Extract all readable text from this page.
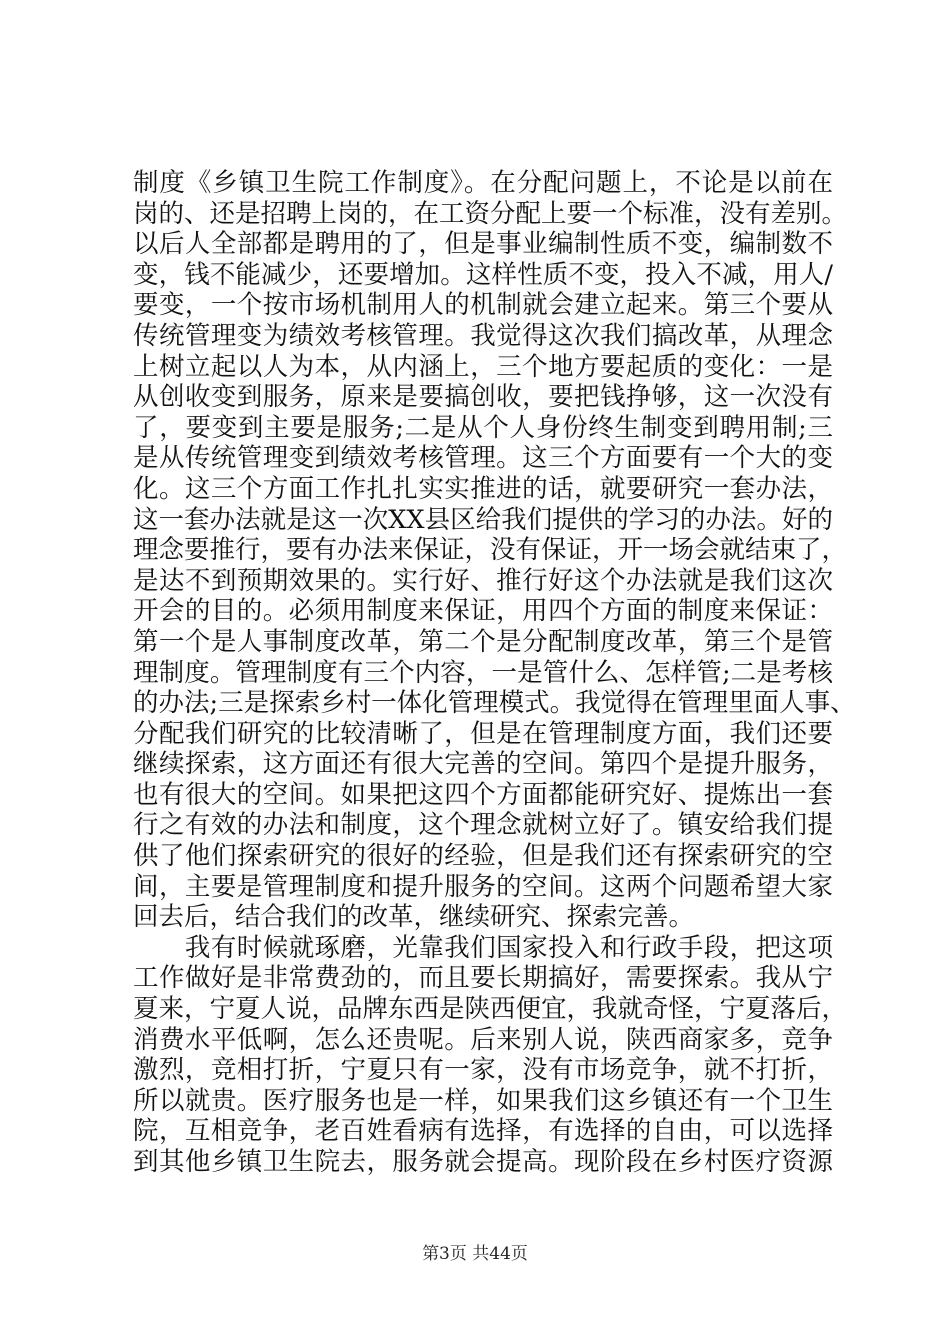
制度《乡镇卫生院工作制度》。在分配问题上，不论是以前在
岗的、还是招聘上岗的，在工资分配上要一个标准，没有差别。
以后人全部都是聘用的了，但是事业编制性质不变，编制数不
变，钱不能减少，还要增加。这样性质不变，投入不减，用人/
要变，一个按市场机制用人的机制就会建立起来。第三个要从
传统管理变为绩效考核管理。我觉得这次我们搞改革，从理念
上树立起以人为本，从内涵上，三个地方要起质的变化：一是
从创收变到服务，原来是要搞创收，要把钱挣够，这一次没有
了，要变到主要是服务;二是从个人身份终生制变到聘用制;三
是从传统管理变到绩效考核管理。这三个方面要有一个大的变
化。这三个方面工作扎扎实实推进的话，就要研究一套办法，
这一套办法就是这一次XX县区给我们提供的学习的办法。好的
理念要推行，要有办法来保证，没有保证，开一场会就结束了，
是达不到预期效果的。实行好、推行好这个办法就是我们这次
开会的目的。必须用制度来保证，用四个方面的制度来保证：
第一个是人事制度改革，第二个是分配制度改革，第三个是管
理制度。管理制度有三个内容，一是管什么、怎样管;二是考核
的办法;三是探索乡村一体化管理模式。我觉得在管理里面人事、
分配我们研究的比较清晰了，但是在管理制度方面，我们还要
继续探索，这方面还有很大完善的空间。第四个是提升服务，
也有很大的空间。如果把这四个方面都能研究好、提炼出一套
行之有效的办法和制度，这个理念就树立好了。镇安给我们提
供了他们探索研究的很好的经验，但是我们还有探索研究的空
间，主要是管理制度和提升服务的空间。这两个问题希望大家
回去后，结合我们的改革，继续研究、探索完善。
　　我有时候就琢磨，光靠我们国家投入和行政手段，把这项
工作做好是非常费劲的，而且要长期搞好，需要探索。我从宁
夏来，宁夏人说，品牌东西是陕西便宜，我就奇怪，宁夏落后，
消费水平低啊，怎么还贵呢。后来别人说，陕西商家多，竞争
激烈，竞相打折，宁夏只有一家，没有市场竞争，就不打折，
所以就贵。医疗服务也是一样，如果我们这乡镇还有一个卫生
院，互相竞争，老百姓看病有选择，有选择的自由，可以选择
到其他乡镇卫生院去，服务就会提高。现阶段在乡村医疗资源
第3页 共44页
